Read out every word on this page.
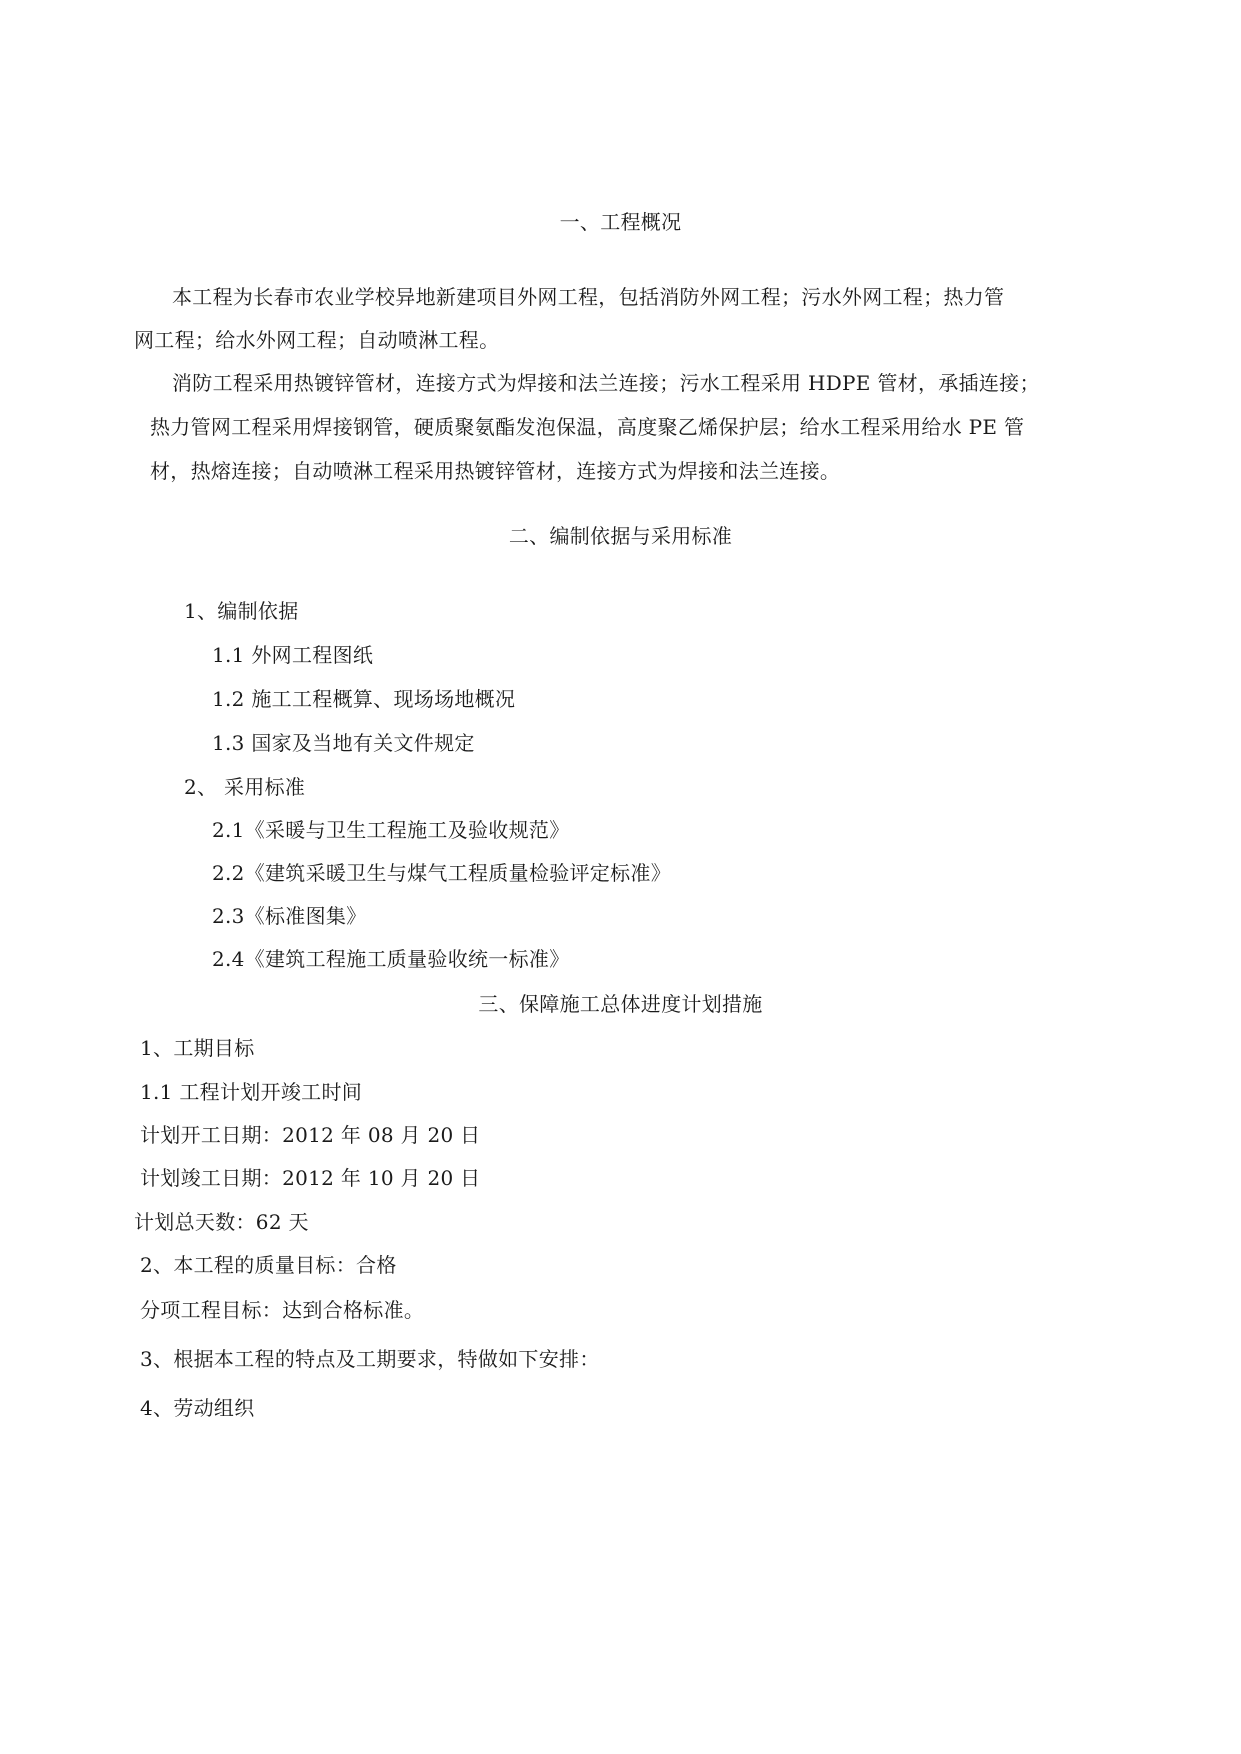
一、工程概况
本工程为长春市农业学校异地新建项目外网工程，包括消防外网工程；污水外网工程；热力管
网工程；给水外网工程；自动喷淋工程。
消防工程采用热镀锌管材，连接方式为焊接和法兰连接；污水工程采用 HDPE 管材，承插连接；
热力管网工程采用焊接钢管，硬质聚氨酯发泡保温，高度聚乙烯保护层；给水工程采用给水 PE 管
材，热熔连接；自动喷淋工程采用热镀锌管材，连接方式为焊接和法兰连接。
二、编制依据与采用标准
1、编制依据
1.1 外网工程图纸
1.2 施工工程概算、现场场地概况
1.3 国家及当地有关文件规定
2、 采用标准
2.1《采暖与卫生工程施工及验收规范》
2.2《建筑采暖卫生与煤气工程质量检验评定标准》
2.3《标准图集》
2.4《建筑工程施工质量验收统一标准》
三、保障施工总体进度计划措施
1、工期目标
1.1 工程计划开竣工时间
计划开工日期：2012 年 08 月 20 日
计划竣工日期：2012 年 10 月 20 日
计划总天数：62 天
2、本工程的质量目标：合格
分项工程目标：达到合格标准。
3、根据本工程的特点及工期要求，特做如下安排：
4、劳动组织
